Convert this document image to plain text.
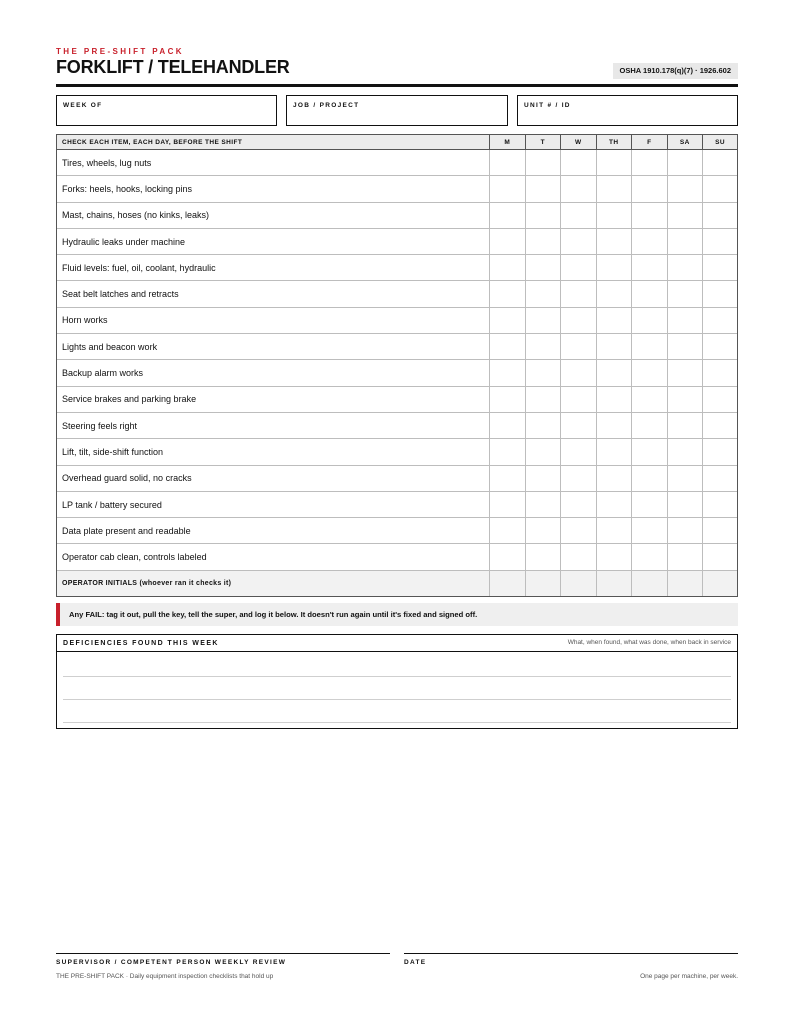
THE PRE-SHIFT PACK
FORKLIFT / TELEHANDLER	OSHA 1910.178(q)(7) · 1926.602
WEEK OF	JOB / PROJECT	UNIT # / ID
CHECK EACH ITEM, EACH DAY, BEFORE THE SHIFT	M	T	W	TH	F	SA	SU
Tires, wheels, lug nuts							
Forks: heels, hooks, locking pins							
Mast, chains, hoses (no kinks, leaks)							
Hydraulic leaks under machine							
Fluid levels: fuel, oil, coolant, hydraulic							
Seat belt latches and retracts							
Horn works							
Lights and beacon work							
Backup alarm works							
Service brakes and parking brake							
Steering feels right							
Lift, tilt, side-shift function							
Overhead guard solid, no cracks							
LP tank / battery secured							
Data plate present and readable							
Operator cab clean, controls labeled							
OPERATOR INITIALS (whoever ran it checks it)							
Any FAIL: tag it out, pull the key, tell the super, and log it below. It doesn't run again until it's fixed and signed off.
DEFICIENCIES FOUND THIS WEEK	What, when found, what was done, when back in service
SUPERVISOR / COMPETENT PERSON WEEKLY REVIEW	DATE
THE PRE-SHIFT PACK · Daily equipment inspection checklists that hold up	One page per machine, per week.
